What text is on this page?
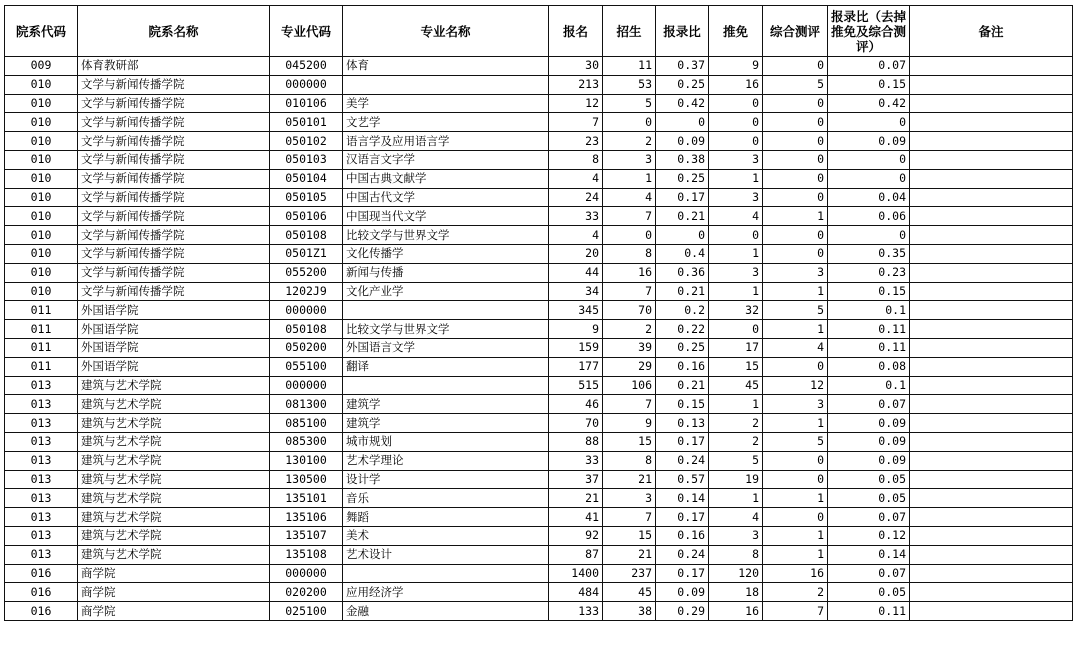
院系代码	院系名称	专业代码	专业名称	报名	招生	报录比	推免	综合测评	报录比（去掉推免及综合测评）	备注
009	体育教研部	045200	体育	30	11	0.37	9	0	0.07	
010	文学与新闻传播学院	000000		213	53	0.25	16	5	0.15	
010	文学与新闻传播学院	010106	美学	12	5	0.42	0	0	0.42	
010	文学与新闻传播学院	050101	文艺学	7	0	0	0	0	0	
010	文学与新闻传播学院	050102	语言学及应用语言学	23	2	0.09	0	0	0.09	
010	文学与新闻传播学院	050103	汉语言文字学	8	3	0.38	3	0	0	
010	文学与新闻传播学院	050104	中国古典文献学	4	1	0.25	1	0	0	
010	文学与新闻传播学院	050105	中国古代文学	24	4	0.17	3	0	0.04	
010	文学与新闻传播学院	050106	中国现当代文学	33	7	0.21	4	1	0.06	
010	文学与新闻传播学院	050108	比较文学与世界文学	4	0	0	0	0	0	
010	文学与新闻传播学院	0501Z1	文化传播学	20	8	0.4	1	0	0.35	
010	文学与新闻传播学院	055200	新闻与传播	44	16	0.36	3	3	0.23	
010	文学与新闻传播学院	1202J9	文化产业学	34	7	0.21	1	1	0.15	
011	外国语学院	000000		345	70	0.2	32	5	0.1	
011	外国语学院	050108	比较文学与世界文学	9	2	0.22	0	1	0.11	
011	外国语学院	050200	外国语言文学	159	39	0.25	17	4	0.11	
011	外国语学院	055100	翻译	177	29	0.16	15	0	0.08	
013	建筑与艺术学院	000000		515	106	0.21	45	12	0.1	
013	建筑与艺术学院	081300	建筑学	46	7	0.15	1	3	0.07	
013	建筑与艺术学院	085100	建筑学	70	9	0.13	2	1	0.09	
013	建筑与艺术学院	085300	城市规划	88	15	0.17	2	5	0.09	
013	建筑与艺术学院	130100	艺术学理论	33	8	0.24	5	0	0.09	
013	建筑与艺术学院	130500	设计学	37	21	0.57	19	0	0.05	
013	建筑与艺术学院	135101	音乐	21	3	0.14	1	1	0.05	
013	建筑与艺术学院	135106	舞蹈	41	7	0.17	4	0	0.07	
013	建筑与艺术学院	135107	美术	92	15	0.16	3	1	0.12	
013	建筑与艺术学院	135108	艺术设计	87	21	0.24	8	1	0.14	
016	商学院	000000		1400	237	0.17	120	16	0.07	
016	商学院	020200	应用经济学	484	45	0.09	18	2	0.05	
016	商学院	025100	金融	133	38	0.29	16	7	0.11	
